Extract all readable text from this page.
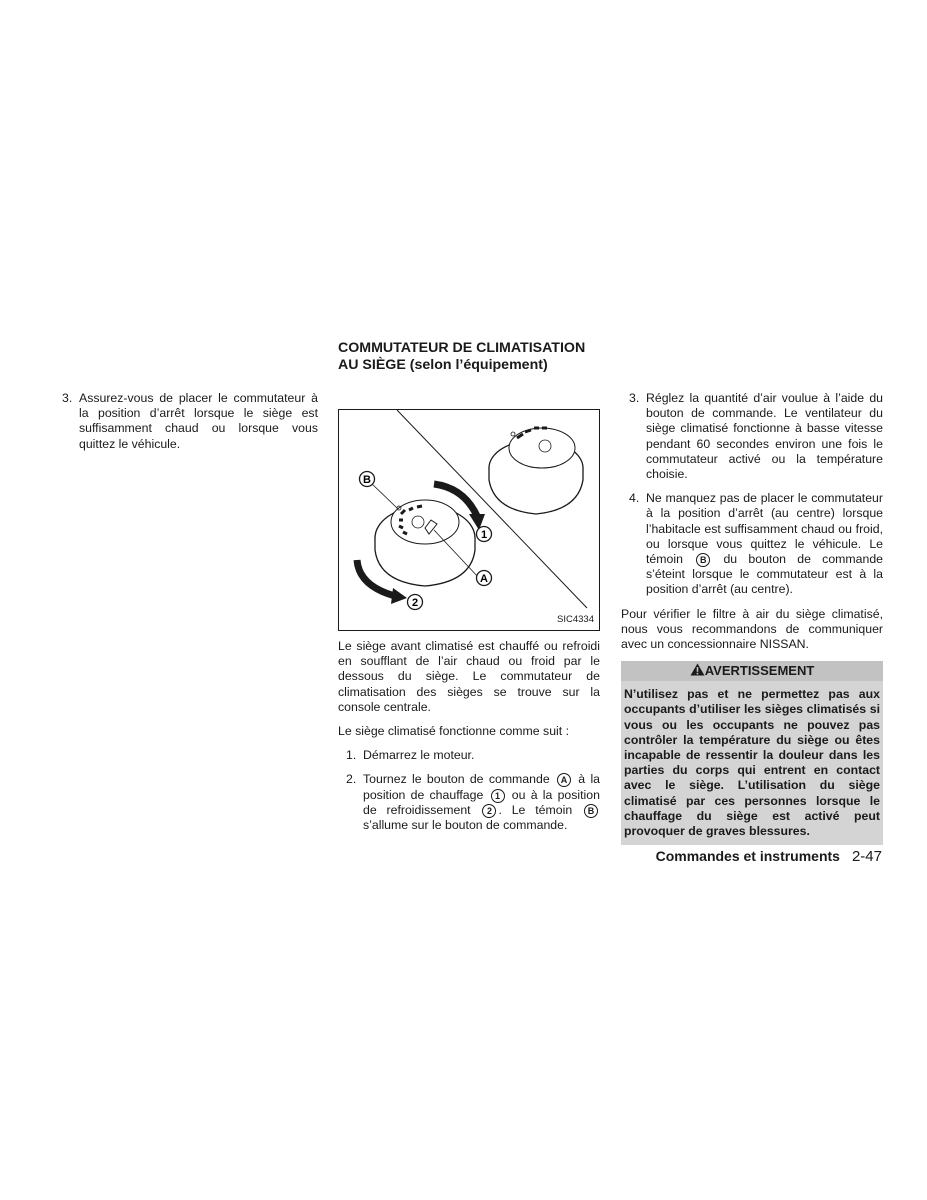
3. Assurez-vous de placer le commutateur à la position d’arrêt lorsque le siège est suffisamment chaud ou lorsque vous quittez le véhicule.
COMMUTATEUR DE CLIMATISATION
AU SIÈGE (selon l’équipement)
B
1
A
2
SIC4334

Le siège avant climatisé est chauffé ou refroidi en soufflant de l’air chaud ou froid par le dessous du siège. Le commutateur de climatisation des sièges se trouve sur la console centrale.

Le siège climatisé fonctionne comme suit :

1. Démarrez le moteur.
2. Tournez le bouton de commande A à la position de chauffage 1 ou à la position de refroidissement 2 . Le témoin B s’allume sur le bouton de commande.
3. Réglez la quantité d’air voulue à l’aide du bouton de commande. Le ventilateur du siège climatisé fonctionne à basse vitesse pendant 60 secondes environ une fois le commutateur activé ou la température choisie.
4. Ne manquez pas de placer le commutateur à la position d’arrêt (au centre) lorsque l’habitacle est suffisamment chaud ou froid, ou lorsque vous quittez le véhicule. Le témoin B du bouton de commande s’éteint lorsque le commutateur est à la position d’arrêt (au centre).

Pour vérifier le filtre à air du siège climatisé, nous vous recommandons de communiquer avec un concessionnaire NISSAN.

AVERTISSEMENT
N’utilisez pas et ne permettez pas aux occupants d’utiliser les sièges climatisés si vous ou les occupants ne pouvez pas contrôler la température du siège ou êtes incapable de ressentir la douleur dans les parties du corps qui entrent en contact avec le siège. L’utilisation du siège climatisé par ces personnes lorsque le chauffage du siège est activé peut provoquer de graves blessures.
Commandes et instruments 2-47
